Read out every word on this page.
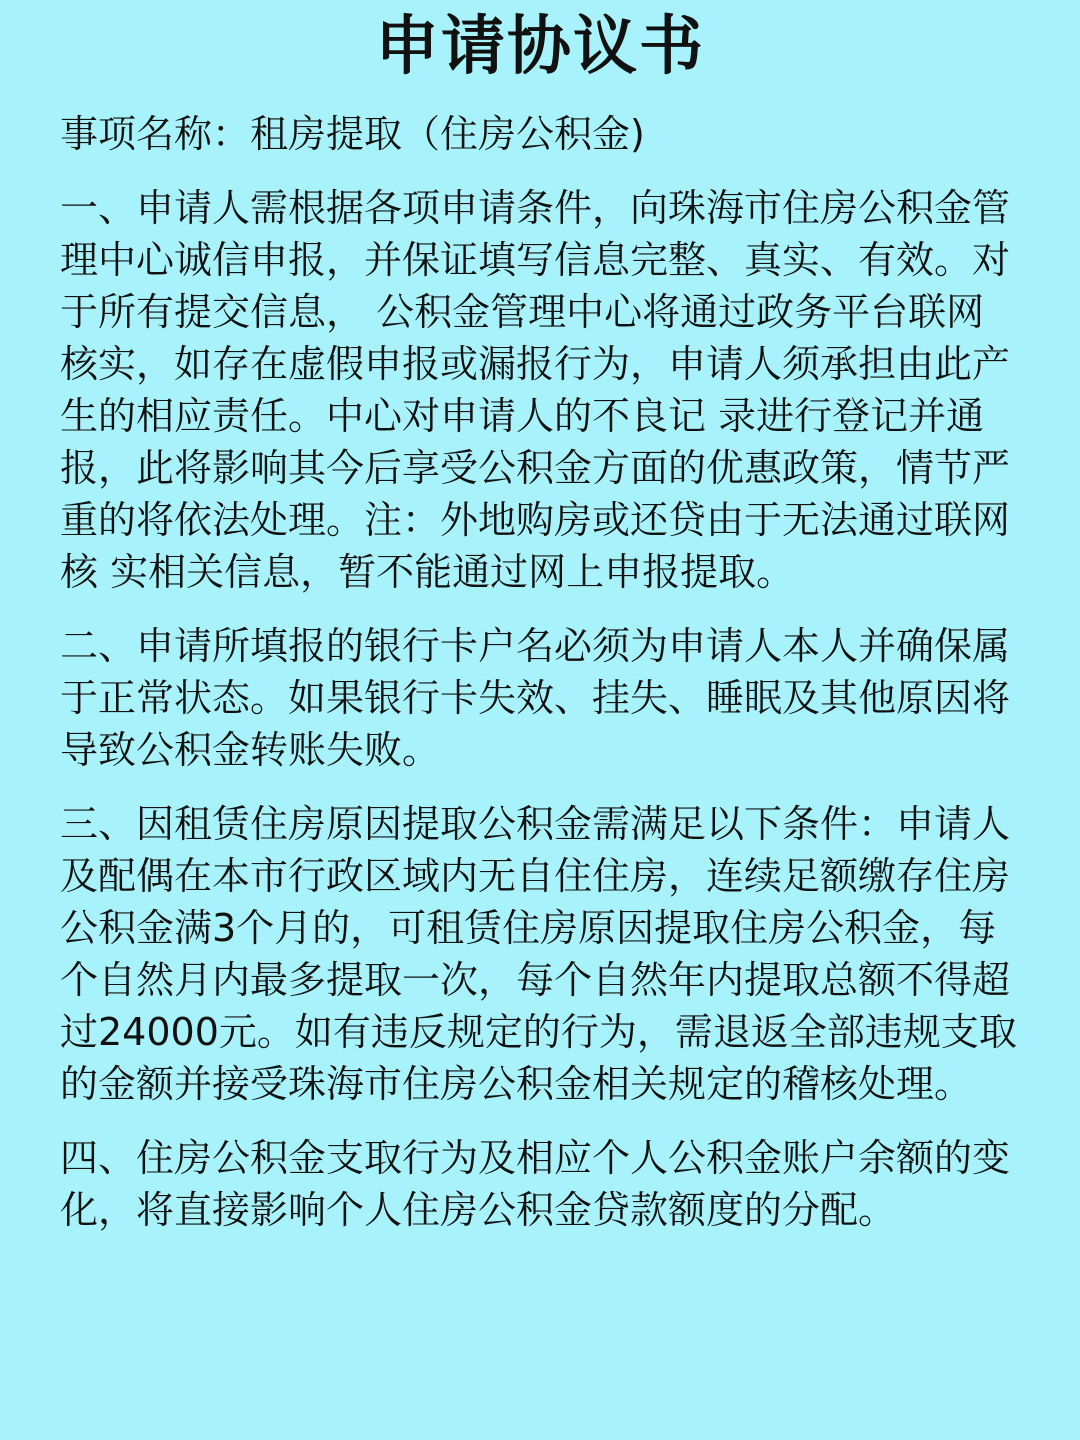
申请协议书

事项名称：租房提取（住房公积金)

一、申请人需根据各项申请条件，向珠海市住房公积金管理中心诚信申报，并保证填写信息完整、真实、有效。对于所有提交信息， 公积金管理中心将通过政务平台联网核实，如存在虚假申报或漏报行为，申请人须承担由此产生的相应责任。中心对申请人的不良记 录进行登记并通报，此将影响其今后享受公积金方面的优惠政策，情节严重的将依法处理。注：外地购房或还贷由于无法通过联网核 实相关信息，暂不能通过网上申报提取。

二、申请所填报的银行卡户名必须为申请人本人并确保属于正常状态。如果银行卡失效、挂失、睡眠及其他原因将导致公积金转账失败。

三、因租赁住房原因提取公积金需满足以下条件：申请人及配偶在本市行政区域内无自住住房，连续足额缴存住房公积金满3个月的，可租赁住房原因提取住房公积金，每个自然月内最多提取一次，每个自然年内提取总额不得超过24000元。如有违反规定的行为，需退返全部违规支取的金额并接受珠海市住房公积金相关规定的稽核处理。

四、住房公积金支取行为及相应个人公积金账户余额的变化，将直接影响个人住房公积金贷款额度的分配。
